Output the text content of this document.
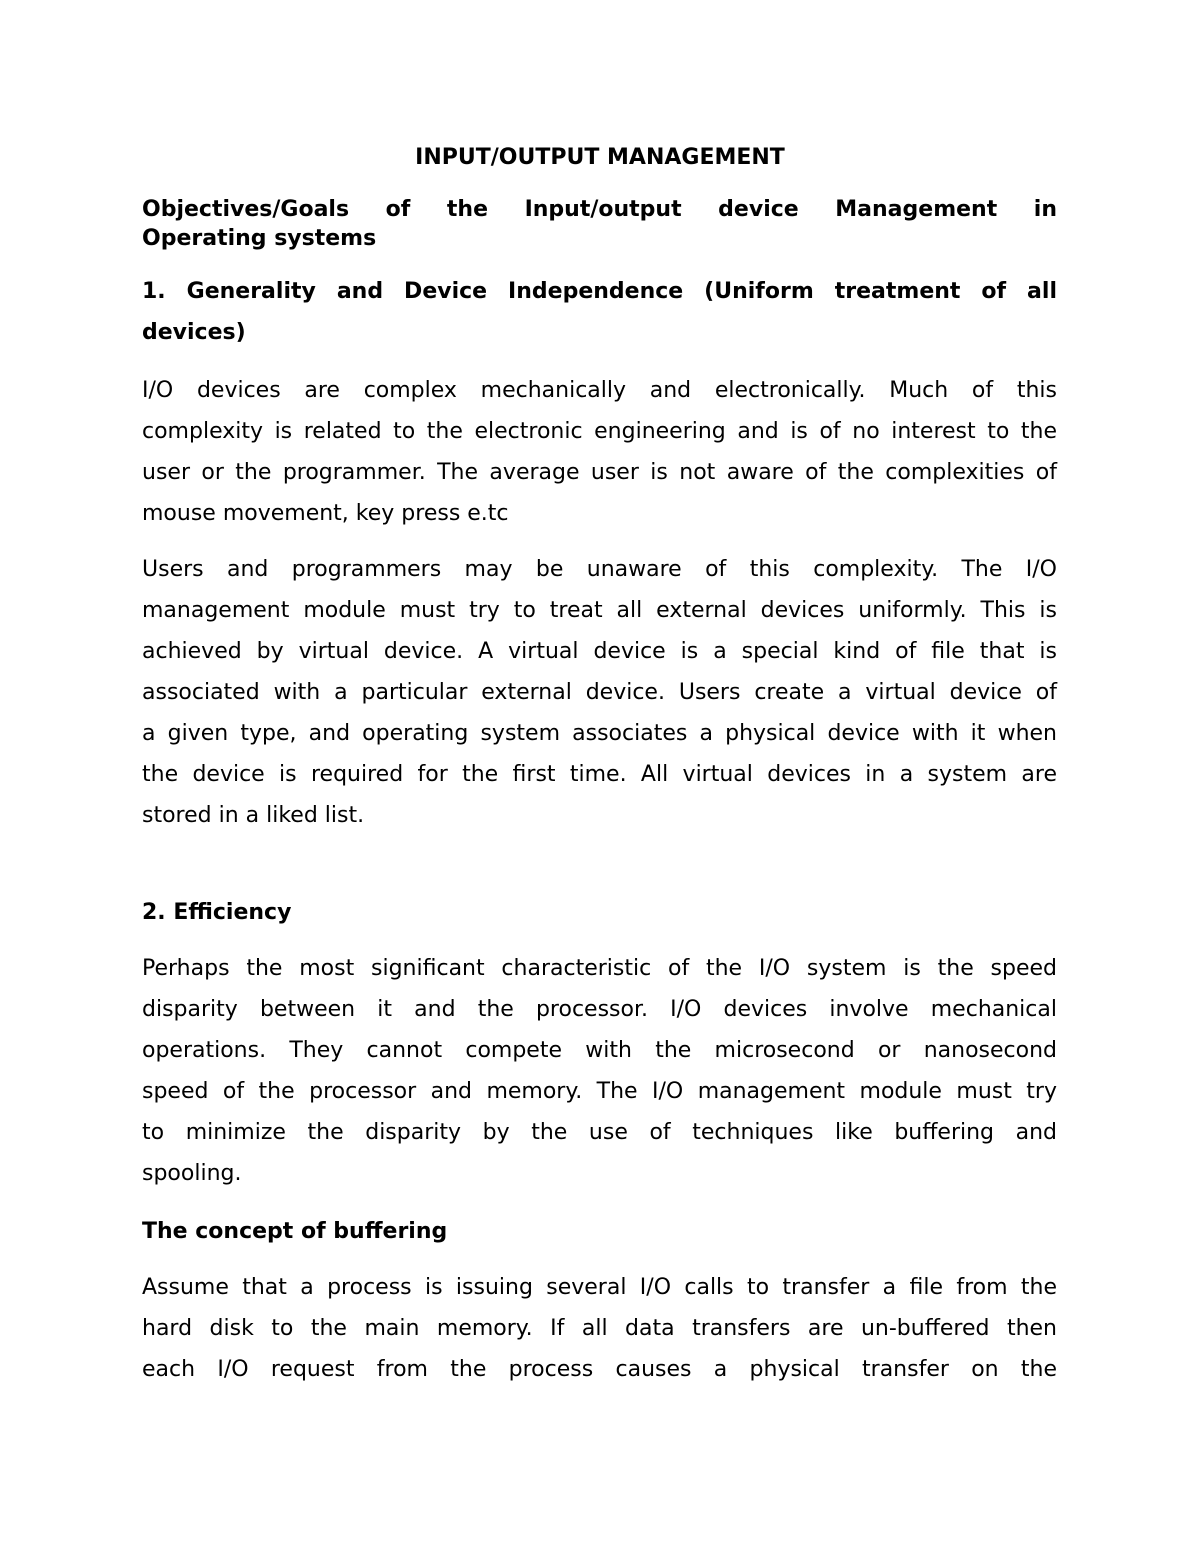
INPUT/OUTPUT MANAGEMENT
Objectives/Goals of the Input/output device Management in
Operating systems
1. Generality and Device Independence (Uniform treatment of all
devices)
I/O devices are complex mechanically and electronically. Much of this
complexity is related to the electronic engineering and is of no interest to the
user or the programmer. The average user is not aware of the complexities of
mouse movement, key press e.tc
Users and programmers may be unaware of this complexity. The I/O
management module must try to treat all external devices uniformly. This is
achieved by virtual device. A virtual device is a special kind of file that is
associated with a particular external device. Users create a virtual device of
a given type, and operating system associates a physical device with it when
the device is required for the first time. All virtual devices in a system are
stored in a liked list.
2. Efficiency
Perhaps the most significant characteristic of the I/O system is the speed
disparity between it and the processor. I/O devices involve mechanical
operations. They cannot compete with the microsecond or nanosecond
speed of the processor and memory. The I/O management module must try
to minimize the disparity by the use of techniques like buffering and
spooling.
The concept of buffering
Assume that a process is issuing several I/O calls to transfer a file from the
hard disk to the main memory. If all data transfers are un-buffered then
each I/O request from the process causes a physical transfer on the
